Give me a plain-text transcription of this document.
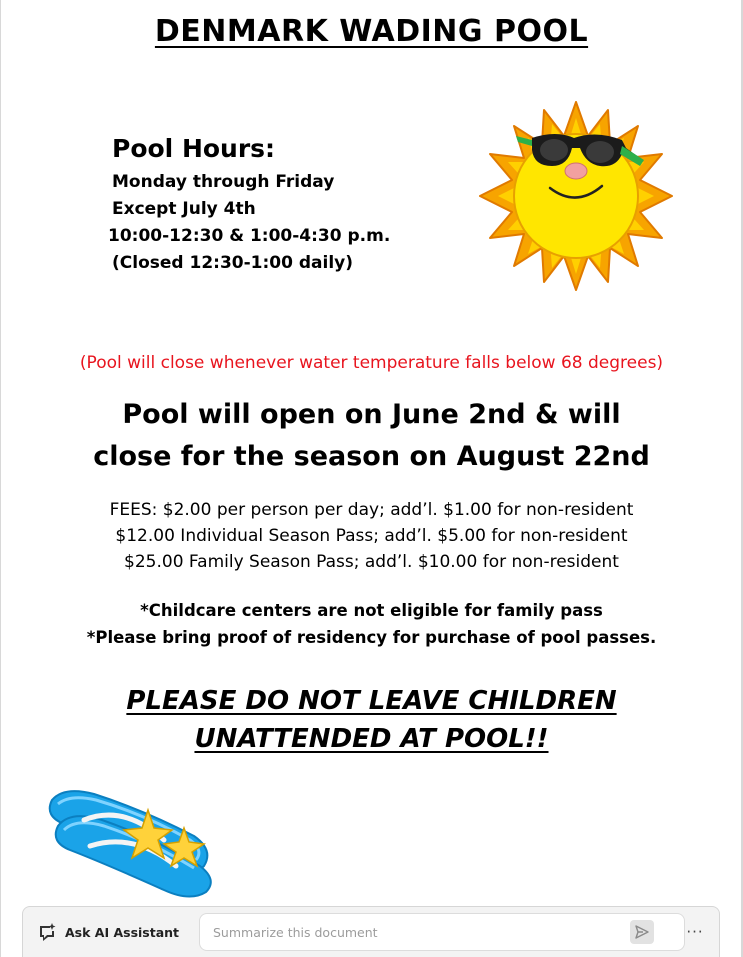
DENMARK WADING POOL
Pool Hours:
Monday through Friday
Except July 4th
10:00-12:30 & 1:00-4:30 p.m.
(Closed 12:30-1:00 daily)
(Pool will close whenever water temperature falls below 68 degrees)
Pool will open on June 2nd & will
close for the season on August 22nd
FEES: $2.00 per person per day; add’l. $1.00 for non-resident
$12.00 Individual Season Pass; add’l. $5.00 for non-resident
$25.00 Family Season Pass; add’l. $10.00 for non-resident
*Childcare centers are not eligible for family pass
*Please bring proof of residency for purchase of pool passes.
PLEASE DO NOT LEAVE CHILDREN
UNATTENDED AT POOL!!
Ask AI Assistant
Summarize this document	···
